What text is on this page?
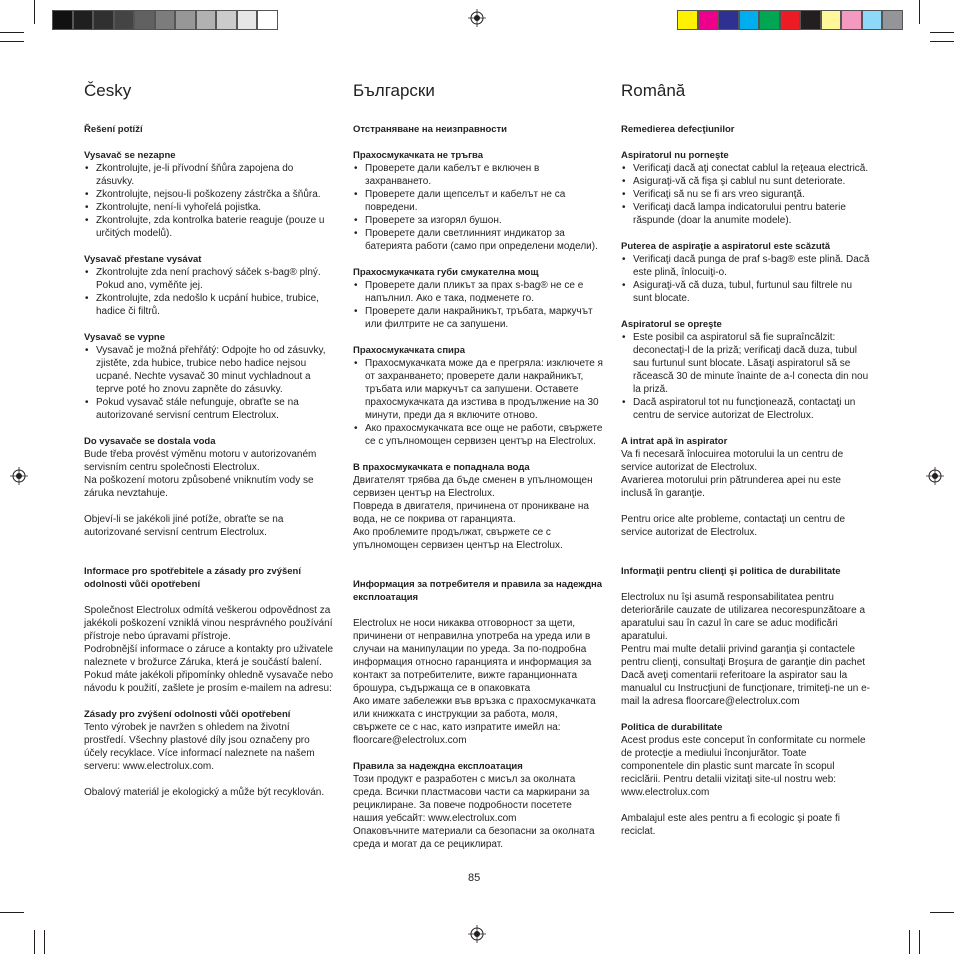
Česky
Řešení potíží
Vysavač se nezapne
• Zkontrolujte, je-li přívodní šňůra zapojena do zásuvky.
• Zkontrolujte, nejsou-li poškozeny zástrčka a šňůra.
• Zkontrolujte, není-li vyhořelá pojistka.
• Zkontrolujte, zda kontrolka baterie reaguje (pouze u určitých modelů).
Vysavač přestane vysávat
• Zkontrolujte zda není prachový sáček s-bag® plný. Pokud ano, vyměňte jej.
• Zkontrolujte, zda nedošlo k ucpání hubice, trubice, hadice či filtrů.
Vysavač se vypne
• Vysavač je možná přehřátý: Odpojte ho od zásuvky, zjistěte, zda hubice, trubice nebo hadice nejsou ucpané. Nechte vysavač 30 minut vychladnout a teprve poté ho znovu zapněte do zásuvky.
• Pokud vysavač stále nefunguje, obraťte se na autorizované servisní centrum Electrolux.
Do vysavače se dostala voda

Bude třeba provést výměnu motoru v autorizovaném servisním centru společnosti Electrolux.

Na poškození motoru způsobené vniknutím vody se záruka nevztahuje.

Objeví-li se jakékoli jiné potíže, obraťte se na autorizované servisní centrum Electrolux.

Informace pro spotřebitele a zásady pro zvýšení odolnosti vůči opotřebení

Společnost Electrolux odmítá veškerou odpovědnost za jakékoli poškození vzniklá vinou nesprávného používání přístroje nebo úpravami přístroje.

Podrobnější informace o záruce a kontakty pro uživatele naleznete v brožurce Záruka, která je součástí balení.

Pokud máte jakékoli připomínky ohledně vysavače nebo návodu k použití, zašlete je prosím e-mailem na adresu:

Zásady pro zvýšení odolnosti vůči opotřebení

Tento výrobek je navržen s ohledem na životní prostředí. Všechny plastové díly jsou označeny pro účely recyklace. Více informací naleznete na našem serveru: www.electrolux.com.

Obalový materiál je ekologický a může být recyklován.

Български
Отстраняване на неизправности
Прахосмукачката не тръгва
• Проверете дали кабелът е включен в захранването.
• Проверете дали щепселът и кабелът не са повредени.
• Проверете за изгорял бушон.
• Проверете дали светлинният индикатор за батерията работи (само при определени модели).
Прахосмукачката губи смукателна мощ
• Проверете дали пликът за прах s-bag® не се е напълнил. Ако е така, подменете го.
• Проверете дали накрайникът, тръбата, маркучът или филтрите не са запушени.
Прахосмукачката спира
• Прахосмукачката може да е прегряла: изключете я от захранването; проверете дали накрайникът, тръбата или маркучът са запушени. Оставете прахосмукачката да изстива в продължение на 30 минути, преди да я включите отново.
• Ако прахосмукачката все още не работи, свържете се с упълномощен сервизен център на Electrolux.
В прахосмукачката е попаднала вода

Двигателят трябва да бъде сменен в упълномощен сервизен център на Electrolux.

Повреда в двигателя, причинена от проникване на вода, не се покрива от гаранцията.

Ако проблемите продължат, свържете се с упълномощен сервизен център на Electrolux.

Информация за потребителя и правила за надеждна експлоатация

Electrolux не носи никаква отговорност за щети, причинени от неправилна употреба на уреда или в случаи на манипулации по уреда. За по-подробна информация относно гаранцията и информация за контакт за потребителите, вижте гаранционната брошура, съдържаща се в опаковката

Ако имате забележки във връзка с прахосмукачката или книжката с инструкции за работа, моля, свържете се с нас, като изпратите имейл на: floorcare@electrolux.com

Правила за надеждна експлоатация

Този продукт е разработен с мисъл за околната среда. Всички пластмасови части са маркирани за рециклиране. За повече подробности посетете нашия уебсайт: www.electrolux.com

Опаковъчните материали са безопасни за околната среда и могат да се рециклират.

Română
Remedierea defecţiunilor
Aspiratorul nu porneşte
• Verificaţi dacă aţi conectat cablul la reţeaua electrică.
• Asiguraţi-vă că fişa şi cablul nu sunt deteriorate.
• Verificaţi să nu se fi ars vreo siguranţă.
• Verificaţi dacă lampa indicatorului pentru baterie răspunde (doar la anumite modele).
Puterea de aspiraţie a aspiratorul este scăzută
• Verificaţi dacă punga de praf s-bag® este plină. Dacă este plină, înlocuiţi-o.
• Asiguraţi-vă că duza, tubul, furtunul sau filtrele nu sunt blocate.
Aspiratorul se opreşte
• Este posibil ca aspiratorul să fie supraîncălzit: deconectaţi-l de la priză; verificaţi dacă duza, tubul sau furtunul sunt blocate. Lăsaţi aspiratorul să se răcească 30 de minute înainte de a-l conecta din nou la priză.
• Dacă aspiratorul tot nu funcţionează, contactaţi un centru de service autorizat de Electrolux.
A intrat apă în aspirator

Va fi necesară înlocuirea motorului la un centru de service autorizat de Electrolux.

Avarierea motorului prin pătrunderea apei nu este inclusă în garanţie.

Pentru orice alte probleme, contactaţi un centru de service autorizat de Electrolux.

Informaţii pentru clienţi şi politica de durabilitate

Electrolux nu îşi asumă responsabilitatea pentru deteriorările cauzate de utilizarea necorespunzătoare a aparatului sau în cazul în care se aduc modificări aparatului.

Pentru mai multe detalii privind garanţia şi contactele pentru clienţi, consultaţi Broşura de garanţie din pachet

Dacă aveţi comentarii referitoare la aspirator sau la manualul cu Instrucţiuni de funcţionare, trimiteţi-ne un e-mail la adresa floorcare@electrolux.com

Politica de durabilitate

Acest produs este conceput în conformitate cu normele de protecţie a mediului înconjurător. Toate componentele din plastic sunt marcate în scopul reciclării. Pentru detalii vizitaţi site-ul nostru web: www.electrolux.com

Ambalajul este ales pentru a fi ecologic şi poate fi reciclat.

85
